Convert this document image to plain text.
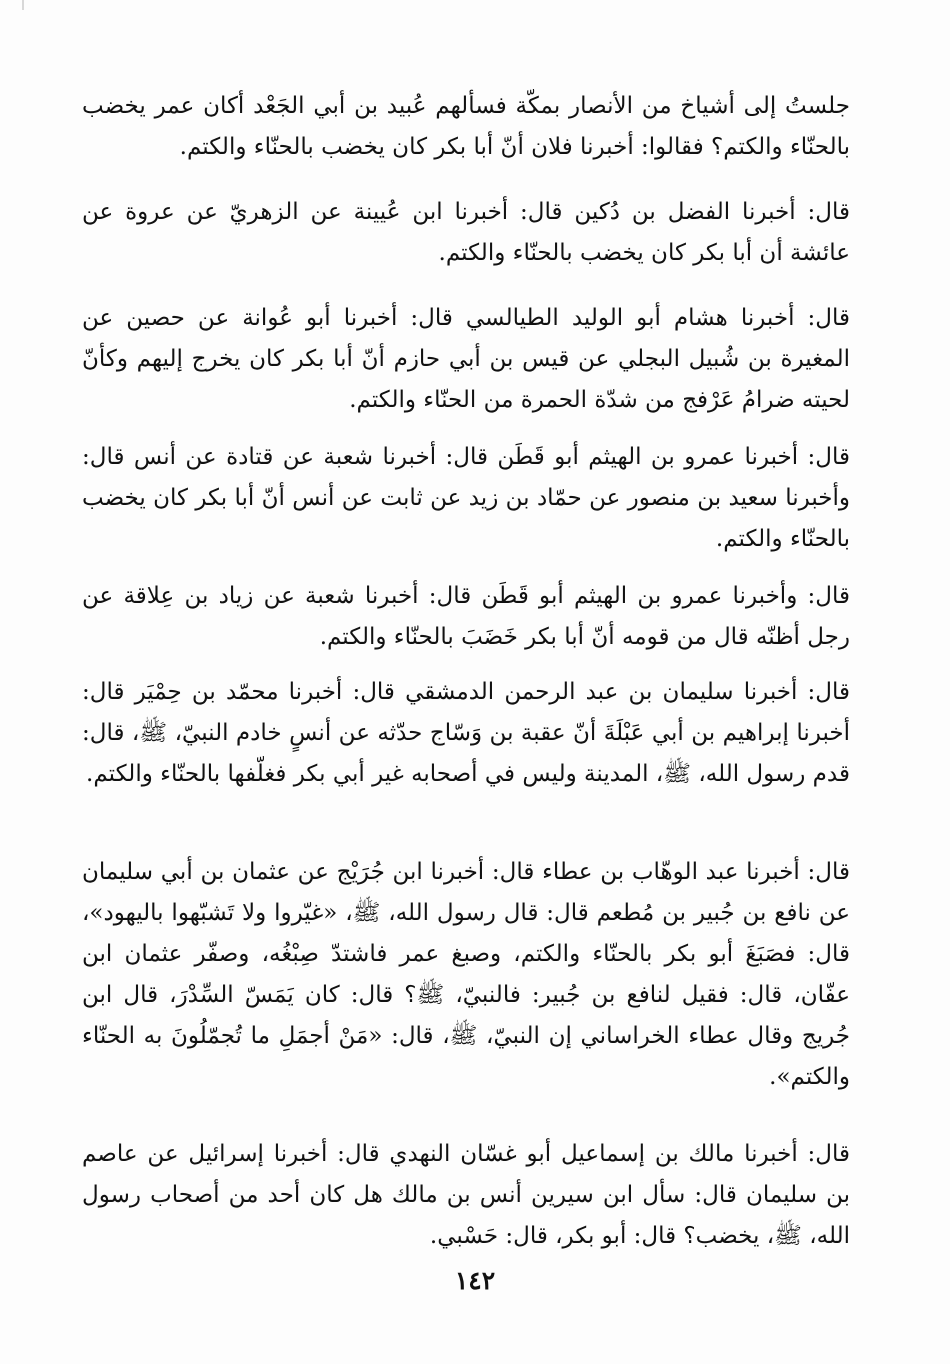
جلستُ إلى أشياخ من الأنصار بمكّة فسألهم عُبيد بن أبي الجَعْد أكان عمر يخضب بالحنّاء والكتم؟ فقالوا: أخبرنا فلان أنّ أبا بكر كان يخضب بالحنّاء والكتم.
قال: أخبرنا الفضل بن دُكين قال: أخبرنا ابن عُيينة عن الزهريّ عن عروة عن عائشة أن أبا بكر كان يخضب بالحنّاء والكتم.
قال: أخبرنا هشام أبو الوليد الطيالسي قال: أخبرنا أبو عُوانة عن حصين عن المغيرة بن شُبيل البجلي عن قيس بن أبي حازم أنّ أبا بكر كان يخرج إليهم وكأنّ لحيته ضرامُ عَرْفج من شدّة الحمرة من الحنّاء والكتم.
قال: أخبرنا عمرو بن الهيثم أبو قَطَن قال: أخبرنا شعبة عن قتادة عن أنس قال: وأخبرنا سعيد بن منصور عن حمّاد بن زيد عن ثابت عن أنس أنّ أبا بكر كان يخضب بالحنّاء والكتم.
قال: وأخبرنا عمرو بن الهيثم أبو قَطَن قال: أخبرنا شعبة عن زياد بن عِلاقة عن رجل أظنّه قال من قومه أنّ أبا بكر خَضَبَ بالحنّاء والكتم.
قال: أخبرنا سليمان بن عبد الرحمن الدمشقي قال: أخبرنا محمّد بن حِمْيَر قال: أخبرنا إبراهيم بن أبي عَبْلَةَ أنّ عقبة بن وَسّاج حدّثه عن أنسٍ خادم النبيّ، ﷺ، قال: قدم رسول الله، ﷺ، المدينة وليس في أصحابه غير أبي بكر فغلّفها بالحنّاء والكتم.
قال: أخبرنا عبد الوهّاب بن عطاء قال: أخبرنا ابن جُرَيْج عن عثمان بن أبي سليمان عن نافع بن جُبير بن مُطعم قال: قال رسول الله، ﷺ، «غيّروا ولا تَشبّهوا باليهود»، قال: فصَبَغَ أبو بكر بالحنّاء والكتم، وصبغ عمر فاشتدّ صِبْغُه، وصفّر عثمان ابن عفّان، قال: فقيل لنافع بن جُبير: فالنبيّ، ﷺ؟ قال: كان يَمَسّ السِّدْرَ، قال ابن جُريج وقال عطاء الخراساني إن النبيّ، ﷺ، قال: «مَنْ أجمَلِ ما تُجمّلُونَ به الحنّاء والكتم».
قال: أخبرنا مالك بن إسماعيل أبو غسّان النهدي قال: أخبرنا إسرائيل عن عاصم بن سليمان قال: سأل ابن سيرين أنس بن مالك هل كان أحد من أصحاب رسول الله، ﷺ، يخضب؟ قال: أبو بكر، قال: حَسْبي.
١٤٢
